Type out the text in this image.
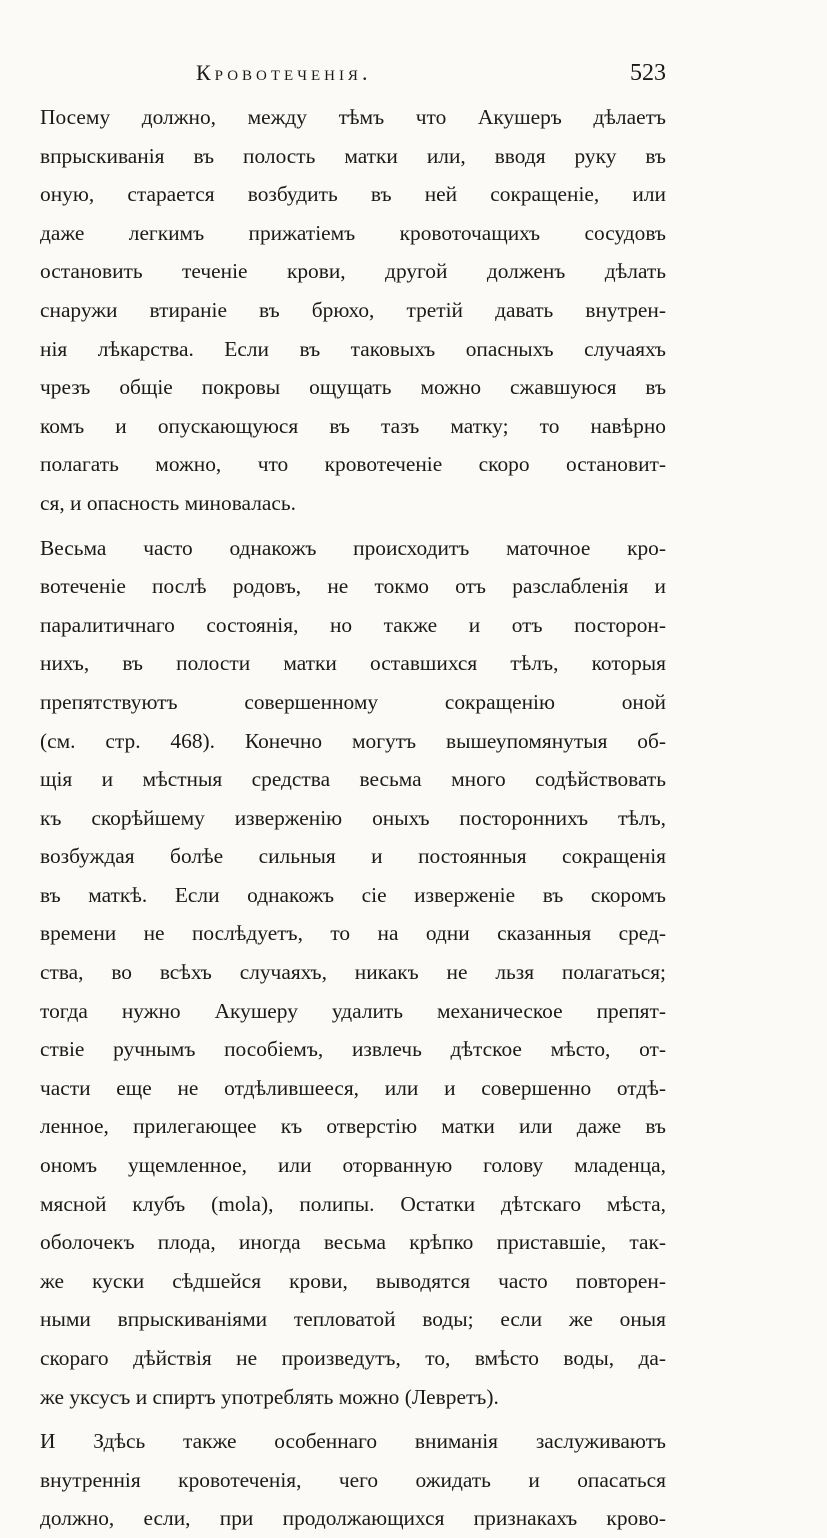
Кровотеченія.	523
Посему должно, между тѣмъ что Акушеръ дѣлаетъ
впрыскиванія въ полость матки или, вводя руку въ
оную, старается возбудить въ ней сокращеніе, или
даже легкимъ прижатіемъ кровоточащихъ сосудовъ
остановить теченіе крови, другой долженъ дѣлать
снаружи втираніе въ брюхо, третій давать внутрен-
нія лѣкарства. Если въ таковыхъ опасныхъ случаяхъ
чрезъ общіе покровы ощущать можно сжавшуюся въ
комъ и опускающуюся въ тазъ матку; то навѣрно
полагать можно, что кровотеченіе скоро остановит-
ся, и опасность миновалась.
Весьма часто однакожъ происходитъ маточное кро-
вотеченіе послѣ родовъ, не токмо отъ разслабленія и
паралитичнаго состоянія, но также и отъ посторон-
нихъ, въ полости матки оставшихся тѣлъ, которыя
препятствуютъ совершенному сокращенію оной
(см. стр. 468). Конечно могутъ вышеупомянутыя об-
щія и мѣстныя средства весьма много содѣйствовать
къ скорѣйшему изверженію оныхъ постороннихъ тѣлъ,
возбуждая болѣе сильныя и постоянныя сокращенія
въ маткѣ. Если однакожъ сіе изверженіе въ скоромъ
времени не послѣдуетъ, то на одни сказанныя сред-
ства, во всѣхъ случаяхъ, никакъ не льзя полагаться;
тогда нужно Акушеру удалить механическое препят-
ствіе ручнымъ пособіемъ, извлечь дѣтское мѣсто, от-
части еще не отдѣлившееся, или и совершенно отдѣ-
ленное, прилегающее къ отверстію матки или даже въ
ономъ ущемленное, или оторванную голову младенца,
мясной клубъ (mola), полипы. Остатки дѣтскаго мѣста,
оболочекъ плода, иногда весьма крѣпко приставшіе, так-
же куски сѣдшейся крови, выводятся часто повторен-
ными впрыскиваніями тепловатой воды; если же оныя
скораго дѣйствія не произведутъ, то, вмѣсто воды, да-
же уксусъ и спиртъ употреблять можно (Левретъ).
И Здѣсь также особеннаго вниманія заслуживаютъ
внутреннія кровотеченія, чего ожидать и опасаться
должно, если, при продолжающихся признакахъ крово-
